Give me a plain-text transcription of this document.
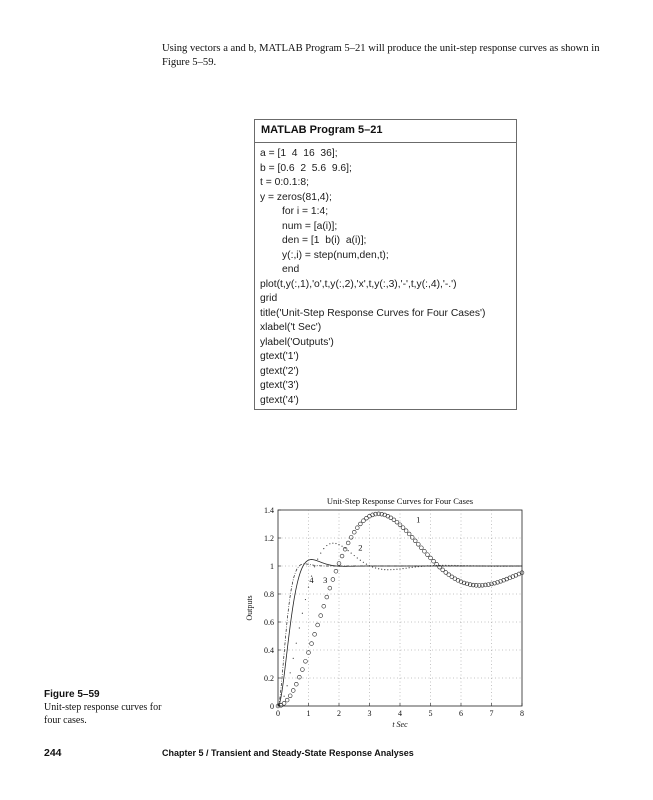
Using vectors a and b, MATLAB Program 5–21 will produce the unit-step response curves as shown in Figure 5–59.

MATLAB Program 5–21
a = [1  4  16  36];
b = [0.6  2  5.6  9.6];
t = 0:0.1:8;
y = zeros(81,4);
for i = 1:4;
num = [a(i)];
den = [1  b(i)  a(i)];
y(:,i) = step(num,den,t);
end
plot(t,y(:,1),'o',t,y(:,2),'x',t,y(:,3),'-',t,y(:,4),'-.')
grid
title('Unit-Step Response Curves for Four Cases')
xlabel('t Sec')
ylabel('Outputs')
gtext('1')
gtext('2')
gtext('3')
gtext('4')
0	1	2	3	4	5	6	7	8
0
0.2
0.4
0.6
0.8
1
1.2
1.4
Unit-Step Response Curves for Four Cases
t Sec
Outputs
1
2
3
4
Figure 5–59
Unit-step response curves for four cases.
244	Chapter 5 / Transient and Steady-State Response Analyses
